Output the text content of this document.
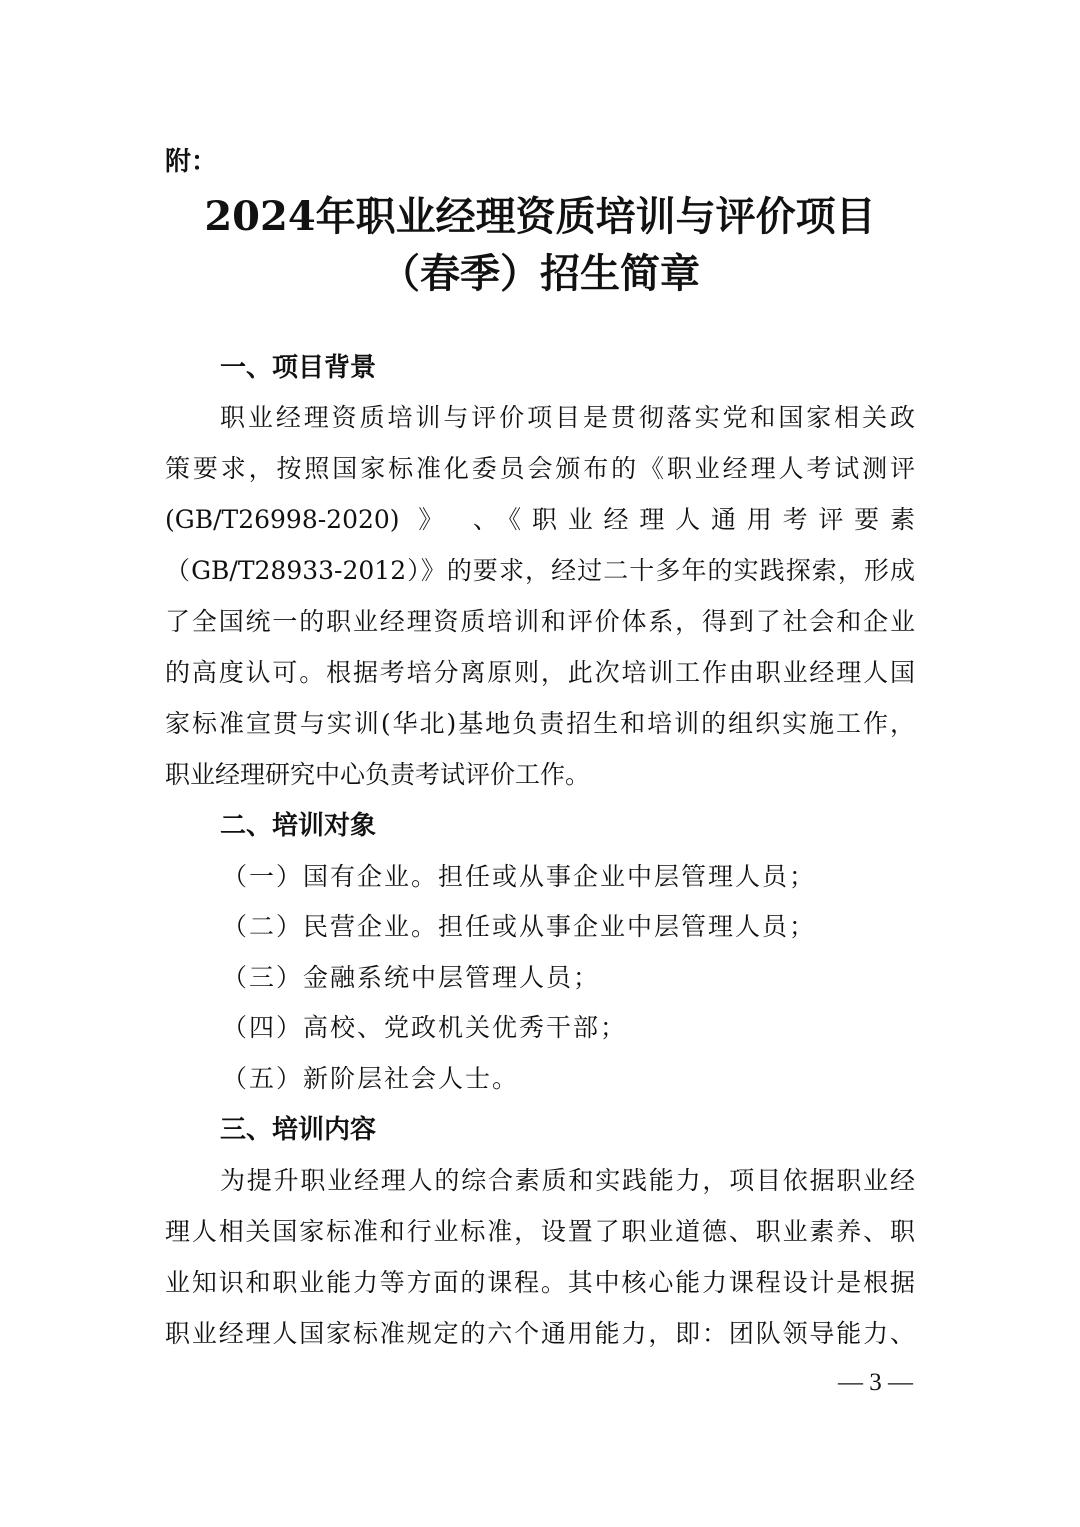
附：
2024年职业经理资质培训与评价项目
（春季）招生简章
一、项目背景
职业经理资质培训与评价项目是贯彻落实党和国家相关政
策要求，按照国家标准化委员会颁布的《职业经理人考试测评
(GB/T26998-2020) 》 、《职业经理人通用考评要素
（GB/T28933-2012）》的要求，经过二十多年的实践探索，形成
了全国统一的职业经理资质培训和评价体系，得到了社会和企业
的高度认可。根据考培分离原则，此次培训工作由职业经理人国
家标准宣贯与实训(华北)基地负责招生和培训的组织实施工作，
职业经理研究中心负责考试评价工作。
二、培训对象
（一）国有企业。担任或从事企业中层管理人员；
（二）民营企业。担任或从事企业中层管理人员；
（三）金融系统中层管理人员；
（四）高校、党政机关优秀干部；
（五）新阶层社会人士。
三、培训内容
为提升职业经理人的综合素质和实践能力，项目依据职业经
理人相关国家标准和行业标准，设置了职业道德、职业素养、职
业知识和职业能力等方面的课程。其中核心能力课程设计是根据
职业经理人国家标准规定的六个通用能力，即：团队领导能力、
— 3 —
